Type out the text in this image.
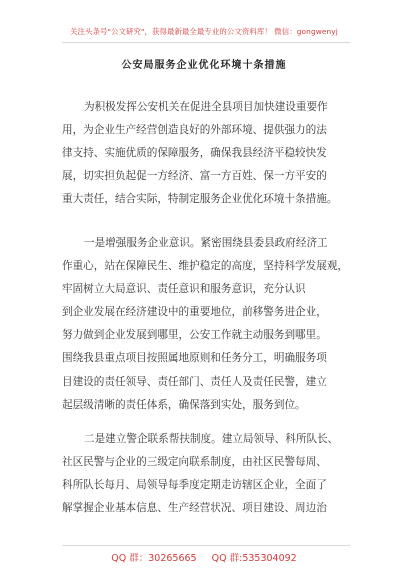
关注头条号"公文研究"，获得最新最全最专业的公文资料库！ 微信：gongwenyj
公安局服务企业优化环境十条措施
为积极发挥公安机关在促进全县项目加快建设重要作
用，为企业生产经营创造良好的外部环境、提供强力的法
律支持、实施优质的保障服务，确保我县经济平稳较快发
展，切实担负起促一方经济、富一方百姓、保一方平安的
重大责任，结合实际，特制定服务企业优化环境十条措施。
一是增强服务企业意识。紧密围绕县委县政府经济工
作重心，站在保障民生、维护稳定的高度，坚持科学发展观，
牢固树立大局意识、责任意识和服务意识，充分认识
到企业发展在经济建设中的重要地位，前移警务进企业，
努力做到企业发展到哪里，公安工作就主动服务到哪里。
围绕我县重点项目按照属地原则和任务分工，明确服务项
目建设的责任领导、责任部门、责任人及责任民警，建立
起层级清晰的责任体系，确保落到实处，服务到位。
二是建立警企联系帮扶制度。建立局领导、科所队长、
社区民警与企业的三级定向联系制度，由社区民警每周、
科所队长每月、局领导每季度定期走访辖区企业，全面了
解掌握企业基本信息、生产经营状况、项目建设、周边治
QQ 群：30265665 QQ 群:535304092
